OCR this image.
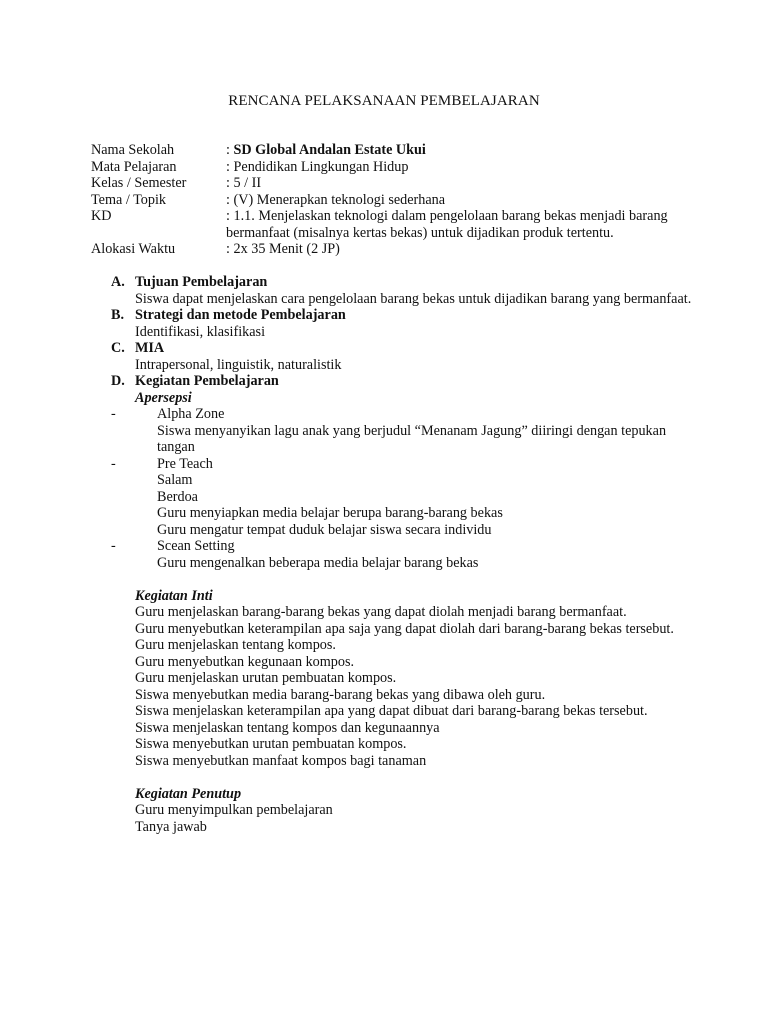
RENCANA PELAKSANAAN PEMBELAJARAN
Nama Sekolah	: SD Global Andalan Estate Ukui
Mata Pelajaran	: Pendidikan Lingkungan Hidup
Kelas / Semester	: 5 / II
Tema / Topik	: (V) Menerapkan teknologi sederhana
KD	: 1.1. Menjelaskan teknologi dalam pengelolaan barang bekas menjadi barang
bermanfaat (misalnya kertas bekas) untuk dijadikan produk tertentu.
Alokasi Waktu	: 2x 35 Menit (2 JP)
A. Tujuan Pembelajaran
Siswa dapat menjelaskan cara pengelolaan barang bekas untuk dijadikan barang yang bermanfaat.
B. Strategi dan metode Pembelajaran
Identifikasi, klasifikasi
C. MIA
Intrapersonal, linguistik, naturalistik
D. Kegiatan Pembelajaran
Apersepsi
-	Alpha Zone
Siswa menyanyikan lagu anak yang berjudul “Menanam Jagung” diiringi dengan tepukan
tangan
-	Pre Teach
Salam
Berdoa
Guru menyiapkan media belajar berupa barang-barang bekas
Guru mengatur tempat duduk belajar siswa secara individu
-	Scean Setting
Guru mengenalkan beberapa media belajar barang bekas
Kegiatan Inti
Guru menjelaskan barang-barang bekas yang dapat diolah menjadi barang bermanfaat.
Guru menyebutkan keterampilan apa saja yang dapat diolah dari barang-barang bekas tersebut.
Guru menjelaskan tentang kompos.
Guru menyebutkan kegunaan kompos.
Guru menjelaskan urutan pembuatan kompos.
Siswa menyebutkan media barang-barang bekas yang dibawa oleh guru.
Siswa menjelaskan keterampilan apa yang dapat dibuat dari barang-barang bekas tersebut.
Siswa menjelaskan tentang kompos dan kegunaannya
Siswa menyebutkan urutan pembuatan kompos.
Siswa menyebutkan manfaat kompos bagi tanaman
Kegiatan Penutup
Guru menyimpulkan pembelajaran
Tanya jawab
